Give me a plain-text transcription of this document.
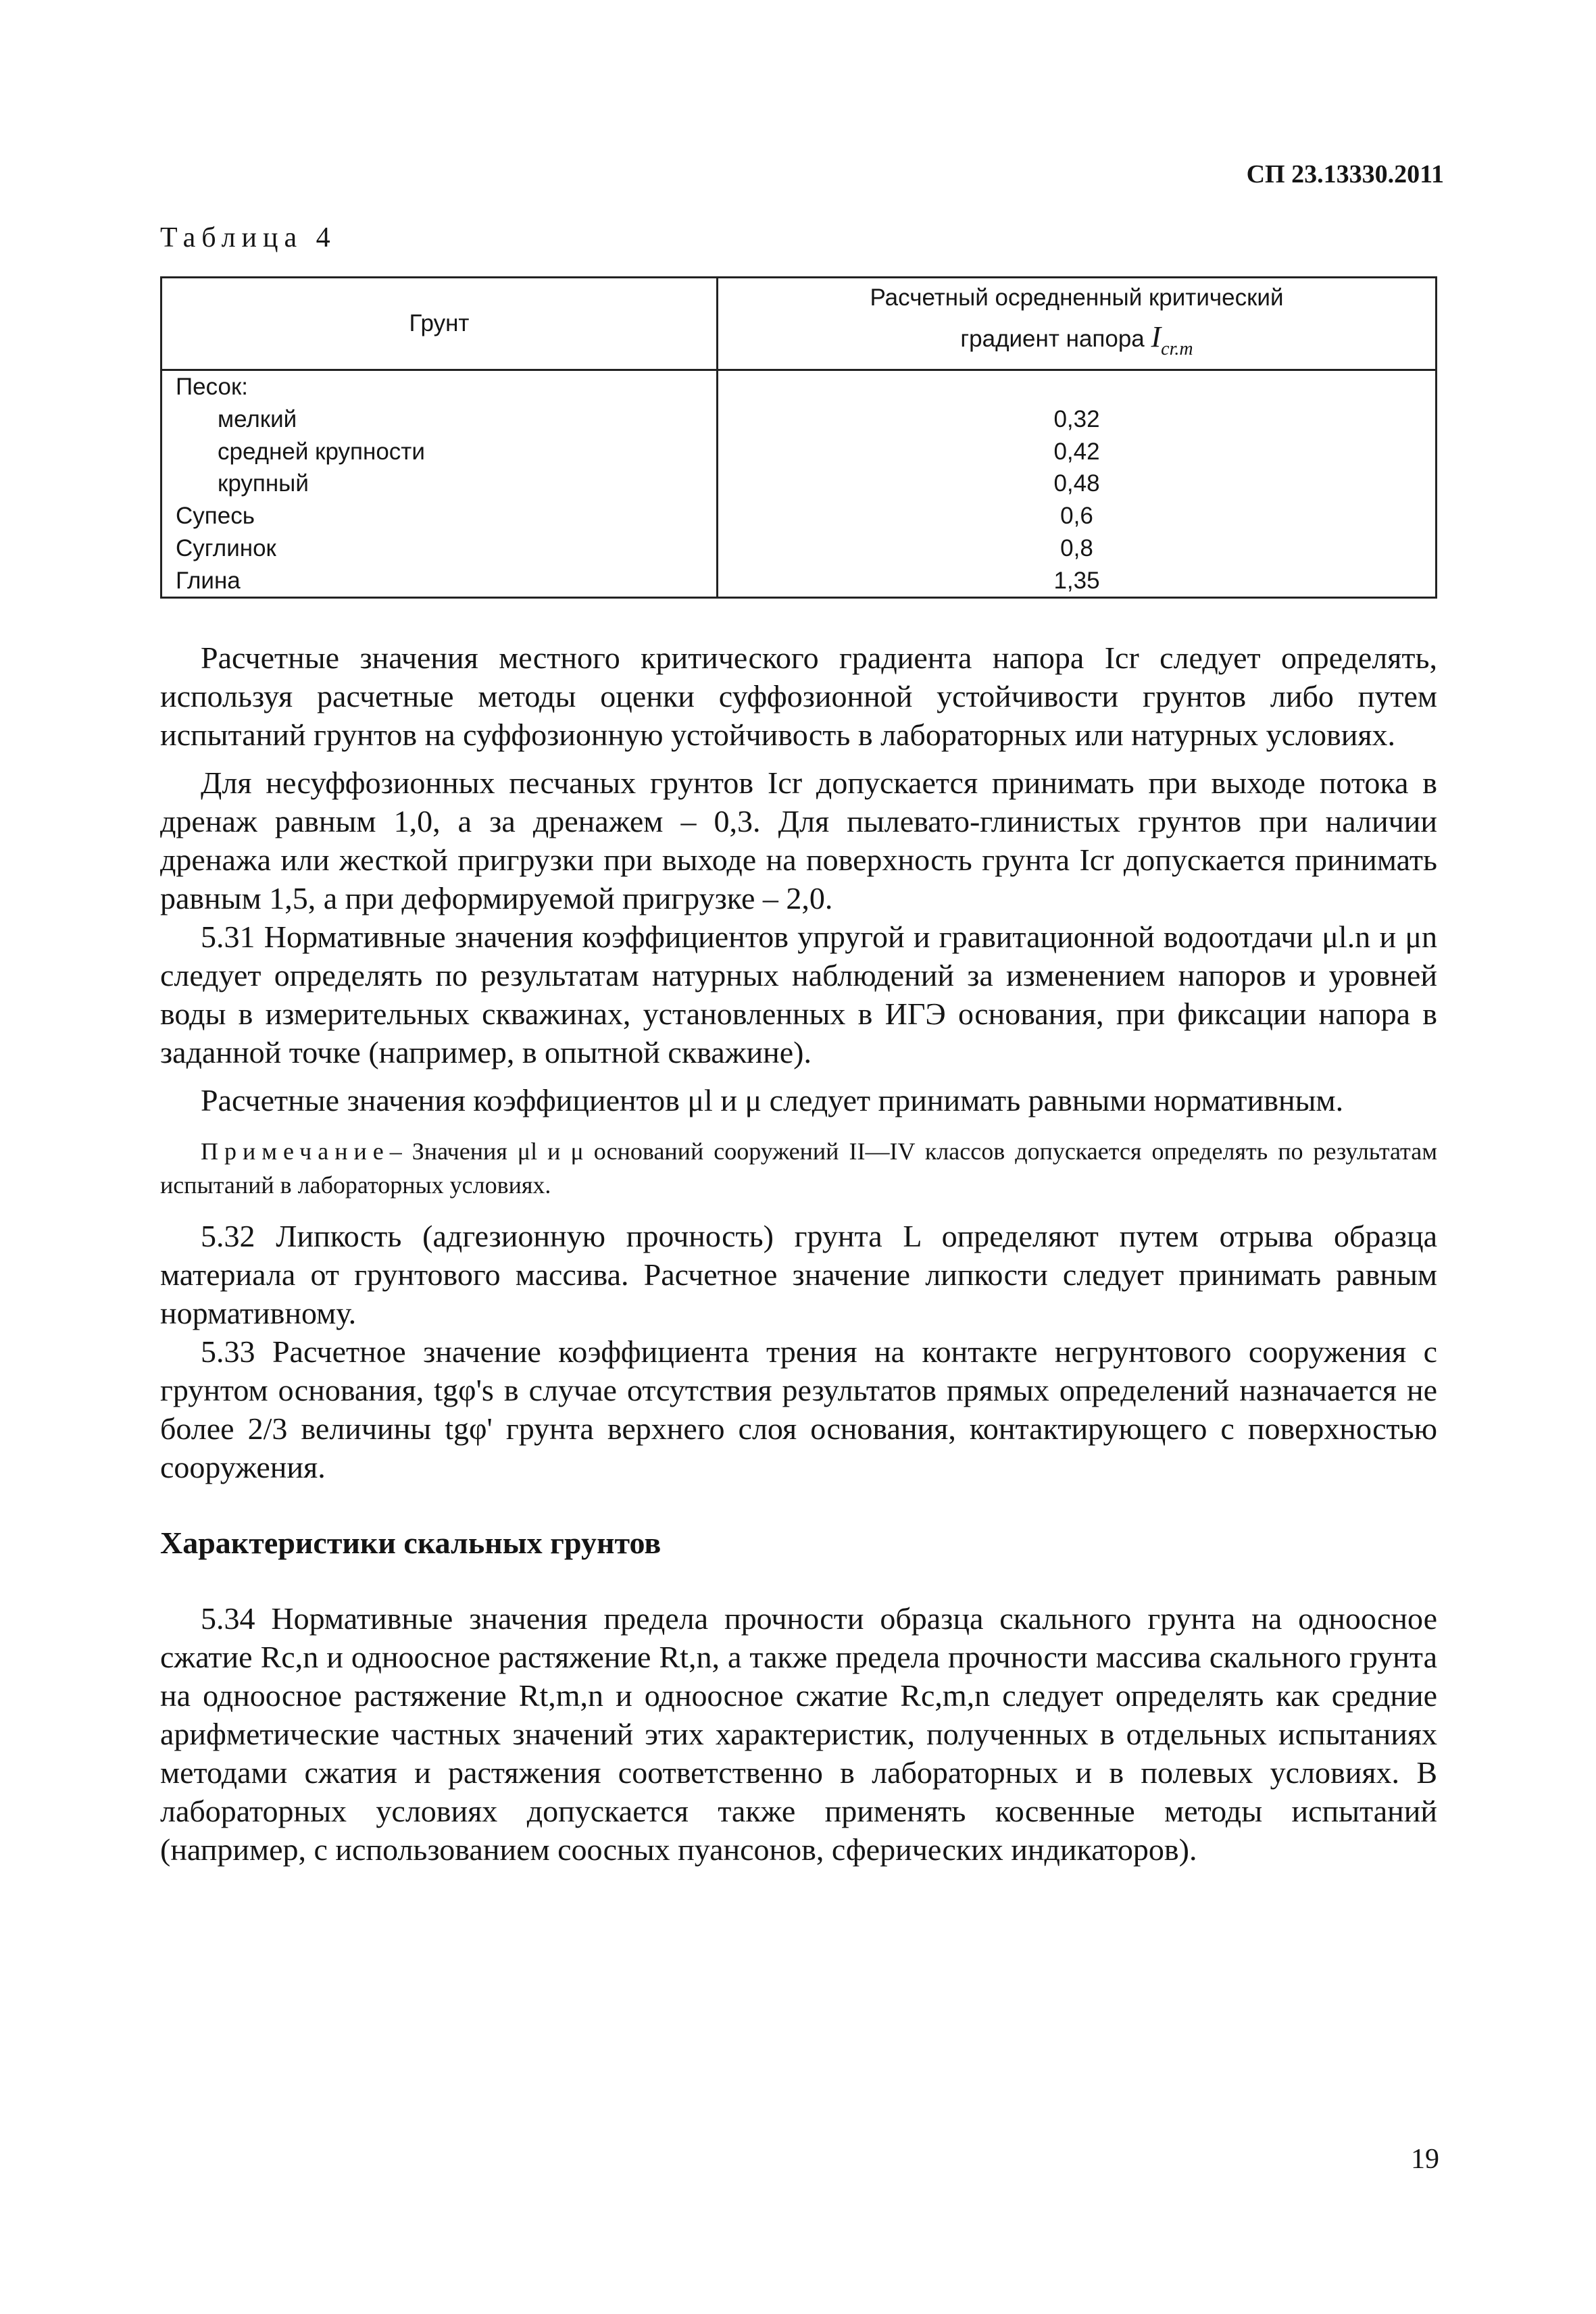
СП 23.13330.2011
Таблица 4
Грунт	Расчетный осредненный критический
градиент напора $I_{cr.m}$

Песок:	
мелкий	0,32
средней крупности	0,42
крупный	0,48
Супесь	0,6
Суглинок	0,8
Глина	1,35

Расчетные значения местного критического градиента напора Icr следует определять, используя расчетные методы оценки суффозионной устойчивости грунтов либо путем испытаний грунтов на суффозионную устойчивость в лабораторных или натурных условиях.

Для несуффозионных песчаных грунтов Icr допускается принимать при выходе потока в дренаж равным 1,0, а за дренажем – 0,3. Для пылевато-глинистых грунтов при наличии дренажа или жесткой пригрузки при выходе на поверхность грунта Icr допускается принимать равным 1,5, а при деформируемой пригрузке – 2,0.

5.31 Нормативные значения коэффициентов упругой и гравитационной водоотдачи μl.n и μn следует определять по результатам натурных наблюдений за изменением напоров и уровней воды в измерительных скважинах, установленных в ИГЭ основания, при фиксации напора в заданной точке (например, в опытной скважине).

Расчетные значения коэффициентов μl и μ следует принимать равными нормативным.

Примечание– Значения μl и μ оснований сооружений II—IV классов допускается определять по результатам испытаний в лабораторных условиях.

5.32 Липкость (адгезионную прочность) грунта L определяют путем отрыва образца материала от грунтового массива. Расчетное значение липкости следует принимать равным нормативному.

5.33 Расчетное значение коэффициента трения на контакте негрунтового сооружения с грунтом основания, tgφ's в случае отсутствия результатов прямых определений назначается не более 2/3 величины tgφ' грунта верхнего слоя основания, контактирующего с поверхностью сооружения.

Характеристики скальных грунтов

5.34 Нормативные значения предела прочности образца скального грунта на одноосное сжатие Rc,n и одноосное растяжение Rt,n, а также предела прочности массива скального грунта на одноосное растяжение Rt,m,n и одноосное сжатие Rc,m,n следует определять как средние арифметические частных значений этих характеристик, полученных в отдельных испытаниях методами сжатия и растяжения соответственно в лабораторных и в полевых условиях. В лабораторных условиях допускается также применять косвенные методы испытаний (например, с использованием соосных пуансонов, сферических индикаторов).

19
